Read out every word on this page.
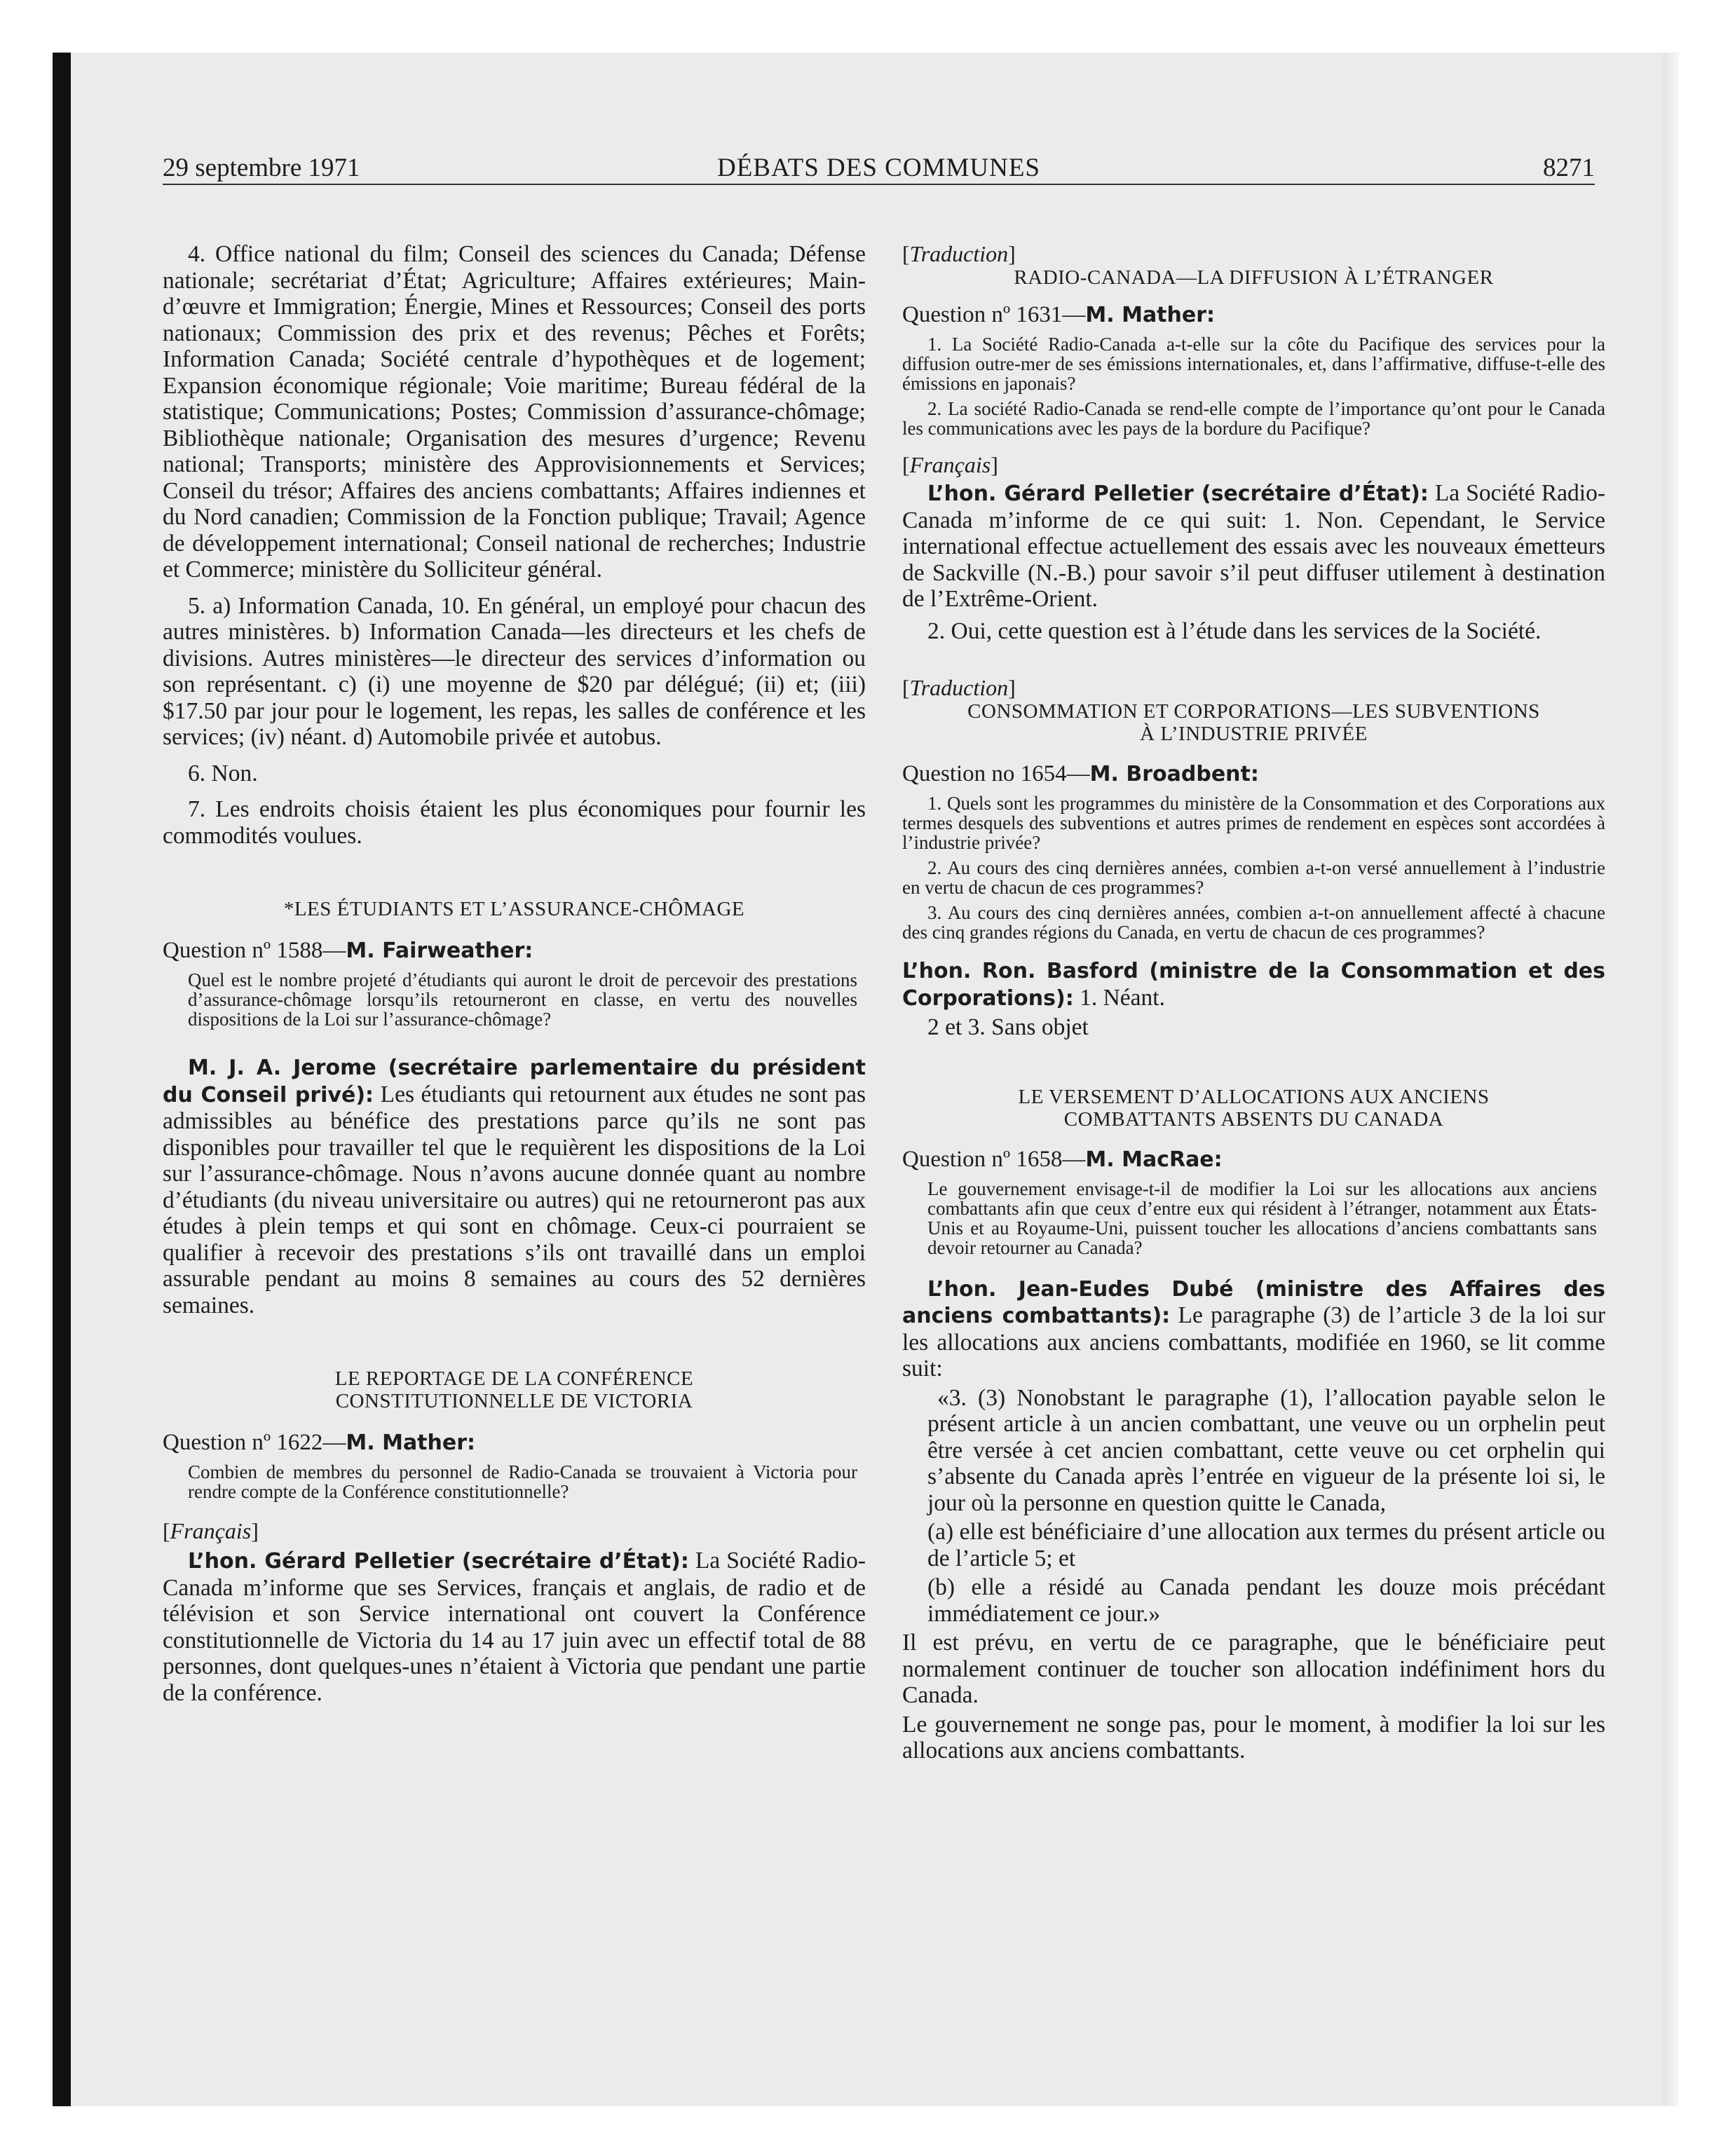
29 septembre 1971	DÉBATS DES COMMUNES	8271

4. Office national du film; Conseil des sciences du Canada; Défense nationale; secrétariat d’État; Agriculture; Affaires extérieures; Main-d’œuvre et Immigration; Énergie, Mines et Ressources; Conseil des ports nationaux; Commission des prix et des revenus; Pêches et Forêts; Information Canada; Société centrale d’hypothèques et de logement; Expansion économique régionale; Voie maritime; Bureau fédéral de la statistique; Communications; Postes; Commission d’assurance-chômage; Bibliothèque nationale; Organisation des mesures d’urgence; Revenu national; Transports; ministère des Approvisionnements et Services; Conseil du trésor; Affaires des anciens combattants; Affaires indiennes et du Nord canadien; Commission de la Fonction publique; Travail; Agence de développement international; Conseil national de recherches; Industrie et Commerce; ministère du Solliciteur général.

5. a) Information Canada, 10. En général, un employé pour chacun des autres ministères. b) Information Canada—les directeurs et les chefs de divisions. Autres ministères—le directeur des services d’information ou son représentant. c) (i) une moyenne de $20 par délégué; (ii) et; (iii) $17.50 par jour pour le logement, les repas, les salles de conférence et les services; (iv) néant. d) Automobile privée et autobus.

6. Non.

7. Les endroits choisis étaient les plus économiques pour fournir les commodités voulues.

*LES ÉTUDIANTS ET L’ASSURANCE-CHÔMAGE

Question nº 1588—M. Fairweather:

Quel est le nombre projeté d’étudiants qui auront le droit de percevoir des prestations d’assurance-chômage lorsqu’ils retourneront en classe, en vertu des nouvelles dispositions de la Loi sur l’assurance-chômage?

M. J. A. Jerome (secrétaire parlementaire du président du Conseil privé): Les étudiants qui retournent aux études ne sont pas admissibles au bénéfice des prestations parce qu’ils ne sont pas disponibles pour travailler tel que le requièrent les dispositions de la Loi sur l’assurance-chômage. Nous n’avons aucune donnée quant au nombre d’étudiants (du niveau universitaire ou autres) qui ne retourneront pas aux études à plein temps et qui sont en chômage. Ceux-ci pourraient se qualifier à recevoir des prestations s’ils ont travaillé dans un emploi assurable pendant au moins 8 semaines au cours des 52 dernières semaines.

LE REPORTAGE DE LA CONFÉRENCE
CONSTITUTIONNELLE DE VICTORIA

Question nº 1622—M. Mather:

Combien de membres du personnel de Radio-Canada se trouvaient à Victoria pour rendre compte de la Conférence constitutionnelle?

[Français]

L’hon. Gérard Pelletier (secrétaire d’État): La Société Radio-Canada m’informe que ses Services, français et anglais, de radio et de télévision et son Service international ont couvert la Conférence constitutionnelle de Victoria du 14 au 17 juin avec un effectif total de 88 personnes, dont quelques-unes n’étaient à Victoria que pendant une partie de la conférence.

[Traduction]

RADIO-CANADA—LA DIFFUSION À L’ÉTRANGER

Question nº 1631—M. Mather:

1. La Société Radio-Canada a-t-elle sur la côte du Pacifique des services pour la diffusion outre-mer de ses émissions internationales, et, dans l’affirmative, diffuse-t-elle des émissions en japonais?

2. La société Radio-Canada se rend-elle compte de l’importance qu’ont pour le Canada les communications avec les pays de la bordure du Pacifique?

[Français]

L’hon. Gérard Pelletier (secrétaire d’État): La Société Radio-Canada m’informe de ce qui suit: 1. Non. Cependant, le Service international effectue actuellement des essais avec les nouveaux émetteurs de Sackville (N.-B.) pour savoir s’il peut diffuser utilement à destination de l’Extrême-Orient.

2. Oui, cette question est à l’étude dans les services de la Société.

[Traduction]

CONSOMMATION ET CORPORATIONS—LES SUBVENTIONS
À L’INDUSTRIE PRIVÉE

Question no 1654—M. Broadbent:

1. Quels sont les programmes du ministère de la Consommation et des Corporations aux termes desquels des subventions et autres primes de rendement en espèces sont accordées à l’industrie privée?

2. Au cours des cinq dernières années, combien a-t-on versé annuellement à l’industrie en vertu de chacun de ces programmes?

3. Au cours des cinq dernières années, combien a-t-on annuellement affecté à chacune des cinq grandes régions du Canada, en vertu de chacun de ces programmes?

L’hon. Ron. Basford (ministre de la Consommation et des Corporations): 1. Néant.

2 et 3. Sans objet

LE VERSEMENT D’ALLOCATIONS AUX ANCIENS
COMBATTANTS ABSENTS DU CANADA

Question nº 1658—M. MacRae:

Le gouvernement envisage-t-il de modifier la Loi sur les allocations aux anciens combattants afin que ceux d’entre eux qui résident à l’étranger, notamment aux États-Unis et au Royaume-Uni, puissent toucher les allocations d’anciens combattants sans devoir retourner au Canada?

L’hon. Jean-Eudes Dubé (ministre des Affaires des anciens combattants): Le paragraphe (3) de l’article 3 de la loi sur les allocations aux anciens combattants, modifiée en 1960, se lit comme suit:

«3. (3) Nonobstant le paragraphe (1), l’allocation payable selon le présent article à un ancien combattant, une veuve ou un orphelin peut être versée à cet ancien combattant, cette veuve ou cet orphelin qui s’absente du Canada après l’entrée en vigueur de la présente loi si, le jour où la personne en question quitte le Canada,

(a) elle est bénéficiaire d’une allocation aux termes du présent article ou de l’article 5; et

(b) elle a résidé au Canada pendant les douze mois précédant immédiatement ce jour.»

Il est prévu, en vertu de ce paragraphe, que le bénéficiaire peut normalement continuer de toucher son allocation indéfiniment hors du Canada.

Le gouvernement ne songe pas, pour le moment, à modifier la loi sur les allocations aux anciens combattants.
